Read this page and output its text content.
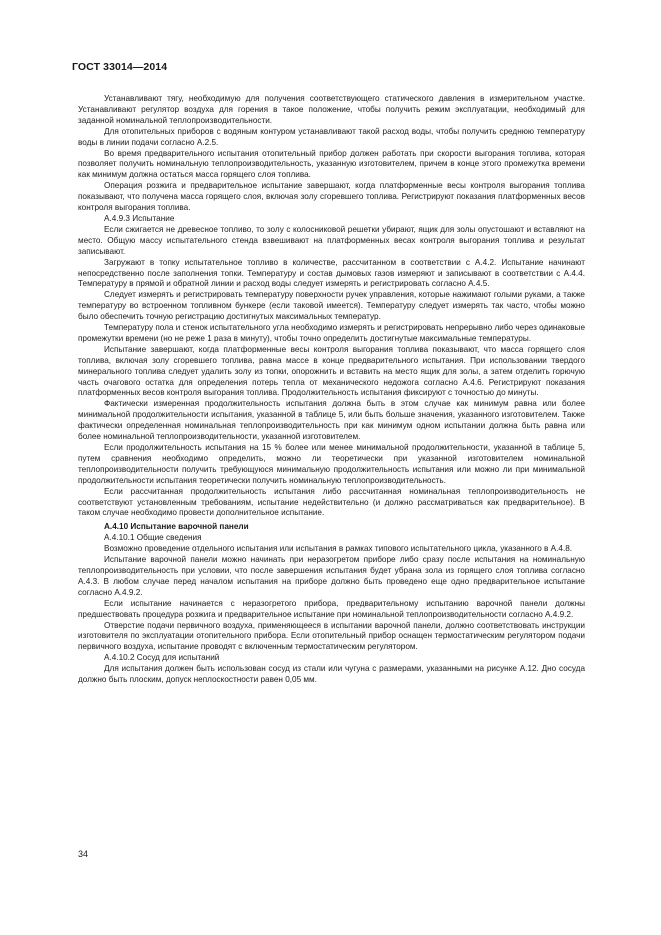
ГОСТ 33014—2014

Устанавливают тягу, необходимую для получения соответствующего статического давления в измерительном участке. Устанавливают регулятор воздуха для горения в такое положение, чтобы получить режим эксплуатации, необходимый для заданной номинальной теплопроизводительности.

Для отопительных приборов с водяным контуром устанавливают такой расход воды, чтобы получить среднюю температуру воды в линии подачи согласно А.2.5.

Во время предварительного испытания отопительный прибор должен работать при скорости выгорания топлива, которая позволяет получить номинальную теплопроизводительность, указанную изготовителем, причем в конце этого промежутка времени как минимум должна остаться масса горящего слоя топлива.

Операция розжига и предварительное испытание завершают, когда платформенные весы контроля выгорания топлива показывают, что получена масса горящего слоя, включая золу сгоревшего топлива. Регистрируют показания платформенных весов контроля выгорания топлива.

А.4.9.3 Испытание

Если сжигается не древесное топливо, то золу с колосниковой решетки убирают, ящик для золы опустошают и вставляют на место. Общую массу испытательного стенда взвешивают на платформенных весах контроля выгорания топлива и результат записывают.

Загружают в топку испытательное топливо в количестве, рассчитанном в соответствии с А.4.2. Испытание начинают непосредственно после заполнения топки. Температуру и состав дымовых газов измеряют и записывают в соответствии с А.4.4. Температуру в прямой и обратной линии и расход воды следует измерять и регистрировать согласно А.4.5.

Следует измерять и регистрировать температуру поверхности ручек управления, которые нажимают голыми руками, а также температуру во встроенном топливном бункере (если таковой имеется). Температуру следует измерять так часто, чтобы можно было обеспечить точную регистрацию достигнутых максимальных температур.

Температуру пола и стенок испытательного угла необходимо измерять и регистрировать непрерывно либо через одинаковые промежутки времени (но не реже 1 раза в минуту), чтобы точно определить достигнутые максимальные температуры.

Испытание завершают, когда платформенные весы контроля выгорания топлива показывают, что масса горящего слоя топлива, включая золу сгоревшего топлива, равна массе в конце предварительного испытания. При использовании твердого минерального топлива следует удалить золу из топки, опорожнить и вставить на место ящик для золы, а затем отделить горючую часть очагового остатка для определения потерь тепла от механического недожога согласно А.4.6. Регистрируют показания платформенных весов контроля выгорания топлива. Продолжительность испытания фиксируют с точностью до минуты.

Фактически измеренная продолжительность испытания должна быть в этом случае как минимум равна или более минимальной продолжительности испытания, указанной в таблице 5, или быть больше значения, указанного изготовителем. Также фактически определенная номинальная теплопроизводительность при как минимум одном испытании должна быть равна или более номинальной теплопроизводительности, указанной изготовителем.

Если продолжительность испытания на 15 % более или менее минимальной продолжительности, указанной в таблице 5, путем сравнения необходимо определить, можно ли теоретически при указанной изготовителем номинальной теплопроизводительности получить требующуюся минимальную продолжительность испытания или можно ли при минимальной продолжительности испытания теоретически получить номинальную теплопроизводительность.

Если рассчитанная продолжительность испытания либо рассчитанная номинальная теплопроизводительность не соответствуют установленным требованиям, испытание недействительно (и должно рассматриваться как предварительное). В таком случае необходимо провести дополнительное испытание.

А.4.10 Испытание варочной панели

А.4.10.1 Общие сведения

Возможно проведение отдельного испытания или испытания в рамках типового испытательного цикла, указанного в А.4.8.

Испытание варочной панели можно начинать при неразогретом приборе либо сразу после испытания на номинальную теплопроизводительность при условии, что после завершения испытания будет убрана зола из горящего слоя топлива согласно А.4.3. В любом случае перед началом испытания на приборе должно быть проведено еще одно предварительное испытание согласно А.4.9.2.

Если испытание начинается с неразогретого прибора, предварительному испытанию варочной панели должны предшествовать процедура розжига и предварительное испытание при номинальной теплопроизводительности согласно А.4.9.2.

Отверстие подачи первичного воздуха, применяющееся в испытании варочной панели, должно соответствовать инструкции изготовителя по эксплуатации отопительного прибора. Если отопительный прибор оснащен термостатическим регулятором подачи первичного воздуха, испытание проводят с включенным термостатическим регулятором.

А.4.10.2 Сосуд для испытаний

Для испытания должен быть использован сосуд из стали или чугуна с размерами, указанными на рисунке А.12. Дно сосуда должно быть плоским, допуск неплоскостности равен 0,05 мм.

34
